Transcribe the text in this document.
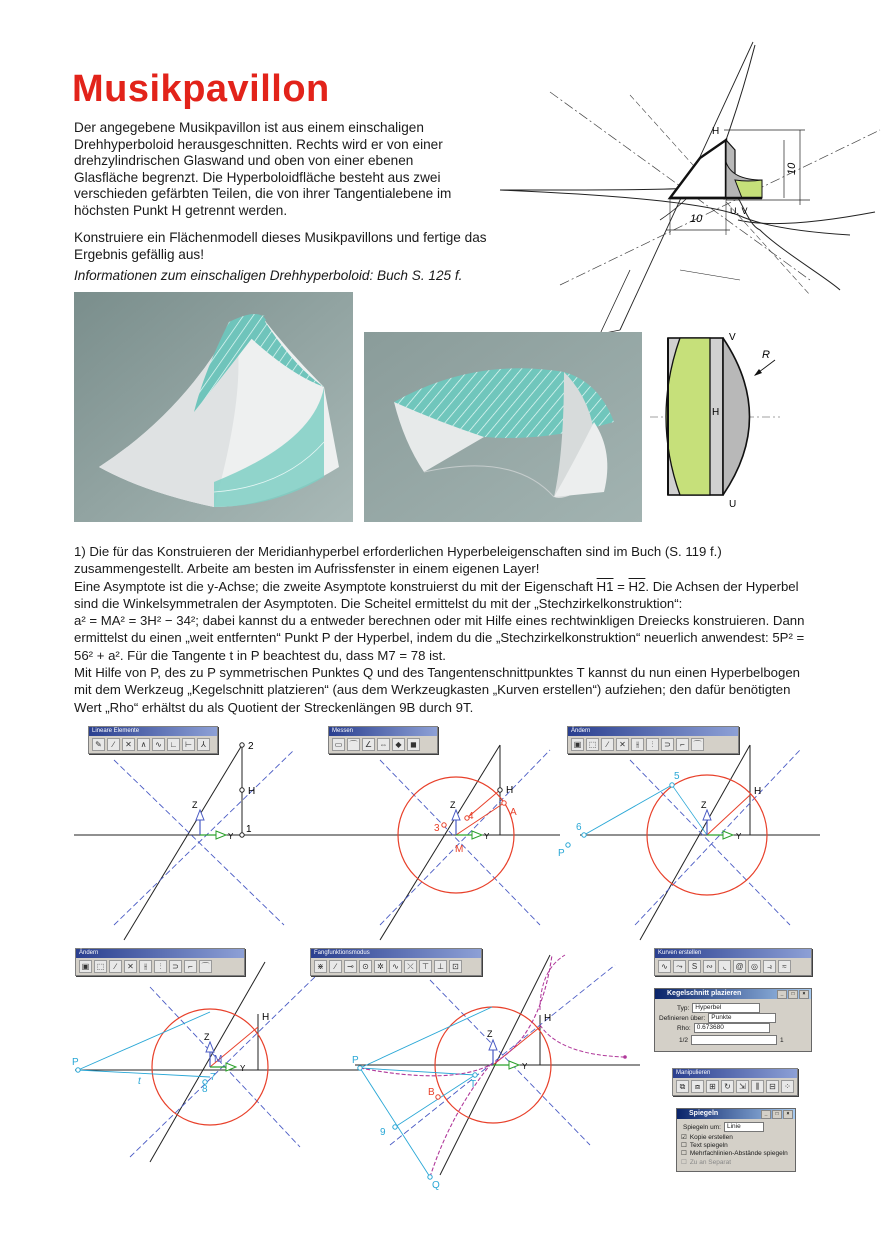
Musikpavillon
Der angegebene Musikpavillon ist aus einem einschaligen Drehhyperboloid herausgeschnitten. Rechts wird er von einer drehzylindrischen Glaswand und oben von einer ebenen Glasfläche begrenzt. Die Hyperboloidfläche besteht aus zwei verschieden gefärbten Teilen, die von ihrer Tangentialebene im höchsten Punkt H getrennt werden.
Konstruiere ein Flächenmodell dieses Musikpavillons und fertige das Ergebnis gefällig aus!
Informationen zum einschaligen Drehhyperboloid: Buch S. 125 f.
H
U, V
10
10
V
H
U
R
1) Die für das Konstruieren der Meridianhyperbel erforderlichen Hyperbeleigenschaften sind im Buch (S. 119 f.) zusammengestellt. Arbeite am besten im Aufrissfenster in einem eigenen Layer!
Eine Asymptote ist die y-Achse; die zweite Asymptote konstruierst du mit der Eigenschaft H1 = H2. Die Achsen der Hyperbel sind die Winkelsymmetralen der Asymptoten. Die Scheitel ermittelst du mit der „Stechzirkelkonstruktion“:
a² = MA² = 3H² − 34²; dabei kannst du a entweder berechnen oder mit Hilfe eines rechtwinkligen Dreiecks konstruieren. Dann ermittelst du einen „weit entfernten“ Punkt P der Hyperbel, indem du die „Stechzirkelkonstruktion“ neuerlich anwendest: 5P² = 56² + a². Für die Tangente t in P beachtest du, dass M7 = 78 ist.
Mit Hilfe von P, des zu P symmetrischen Punktes Q und des Tangentenschnittpunktes T kannst du nun einen Hyperbelbogen mit dem Werkzeug „Kegelschnitt platzieren“ (aus dem Werkzeugkasten „Kurven erstellen“) aufziehen; den dafür benötigten Wert „Rho“ erhältst du als Quotient der Streckenlängen 9B durch 9T.
Lineare Elemente
✎	∕	✕	∧	∿ ∟ ⊢	⅄	2
H
Z
1
Y
Messen
▭ ⌒ ∠ ⇔ ◆	◼
H
Z
4	A
3
M
Y
Ändern
▣ ⬚	∕	✕	⫲	⫶	⊃	⌐	⌒
5
H
Z
6
P
Y
Ändern
▣ ⬚	∕	✕	⫲	⫶	⊃	⌐	⌒
H
Z
P	M
7
t
8
Y
Fangfunktionsmodus
⋇	∕	⊸	⊙	✲	∿	⤫	⊤	⊥	⊡
H
Z
P
B
T
9
Q
Y
Kurven erstellen
∿	⤳	S	∾	◟	@ ◎	⥽	≈
Kegelschnitt plazieren	_	□	×
Typ: Hyperbel
Definieren über: Punkte
Rho: 0.673680
1/2	1
Manipulieren
⧉	⧈	⊞	↻	⇲	⫼	⊟	⁘
Spiegeln	_	□	×
Spiegeln um: Linie
☑ Kopie erstellen
☐ Text spiegeln
☐ Mehrfachlinien-Abstände spiegeln
☐ Zu an Separat
